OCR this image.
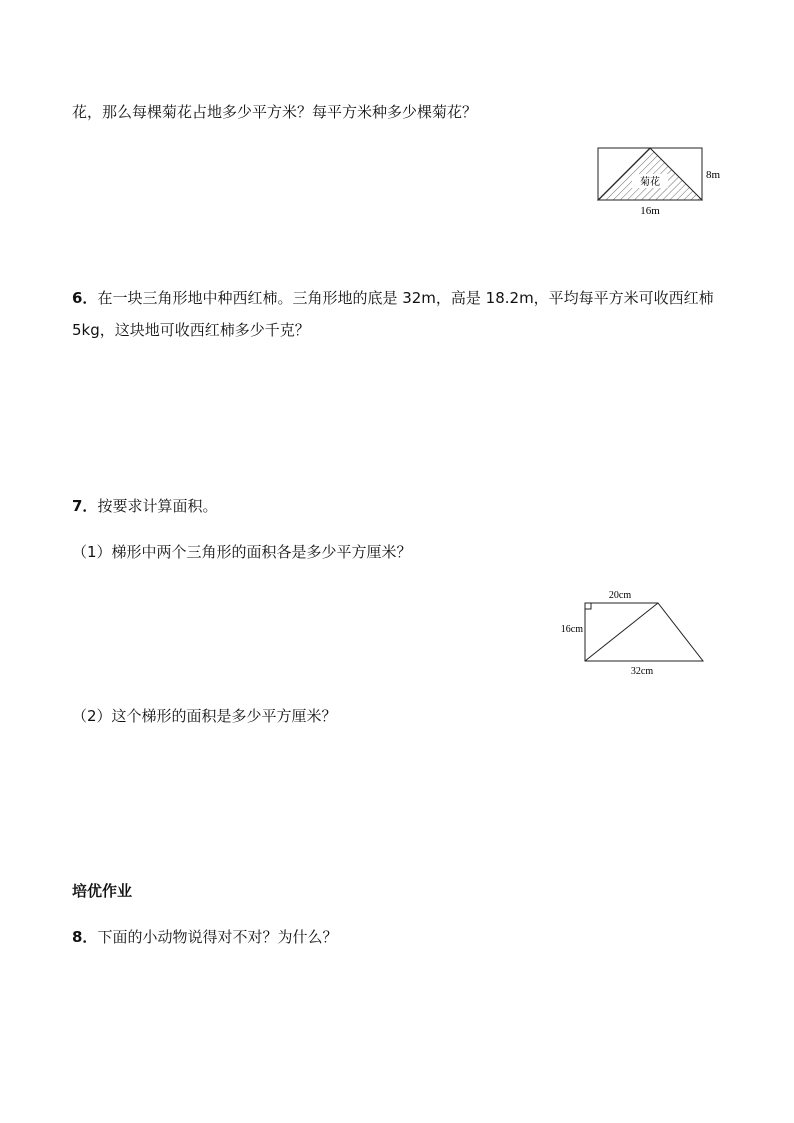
花，那么每棵菊花占地多少平方米？每平方米种多少棵菊花？
菊花
8m
16m
6．在一块三角形地中种西红柿。三角形地的底是 32m，高是 18.2m，平均每平方米可收西红柿
5kg，这块地可收西红柿多少千克？
7．按要求计算面积。
（1）梯形中两个三角形的面积各是多少平方厘米？
20cm
16cm
32cm
（2）这个梯形的面积是多少平方厘米？
培优作业
8．下面的小动物说得对不对？为什么？
